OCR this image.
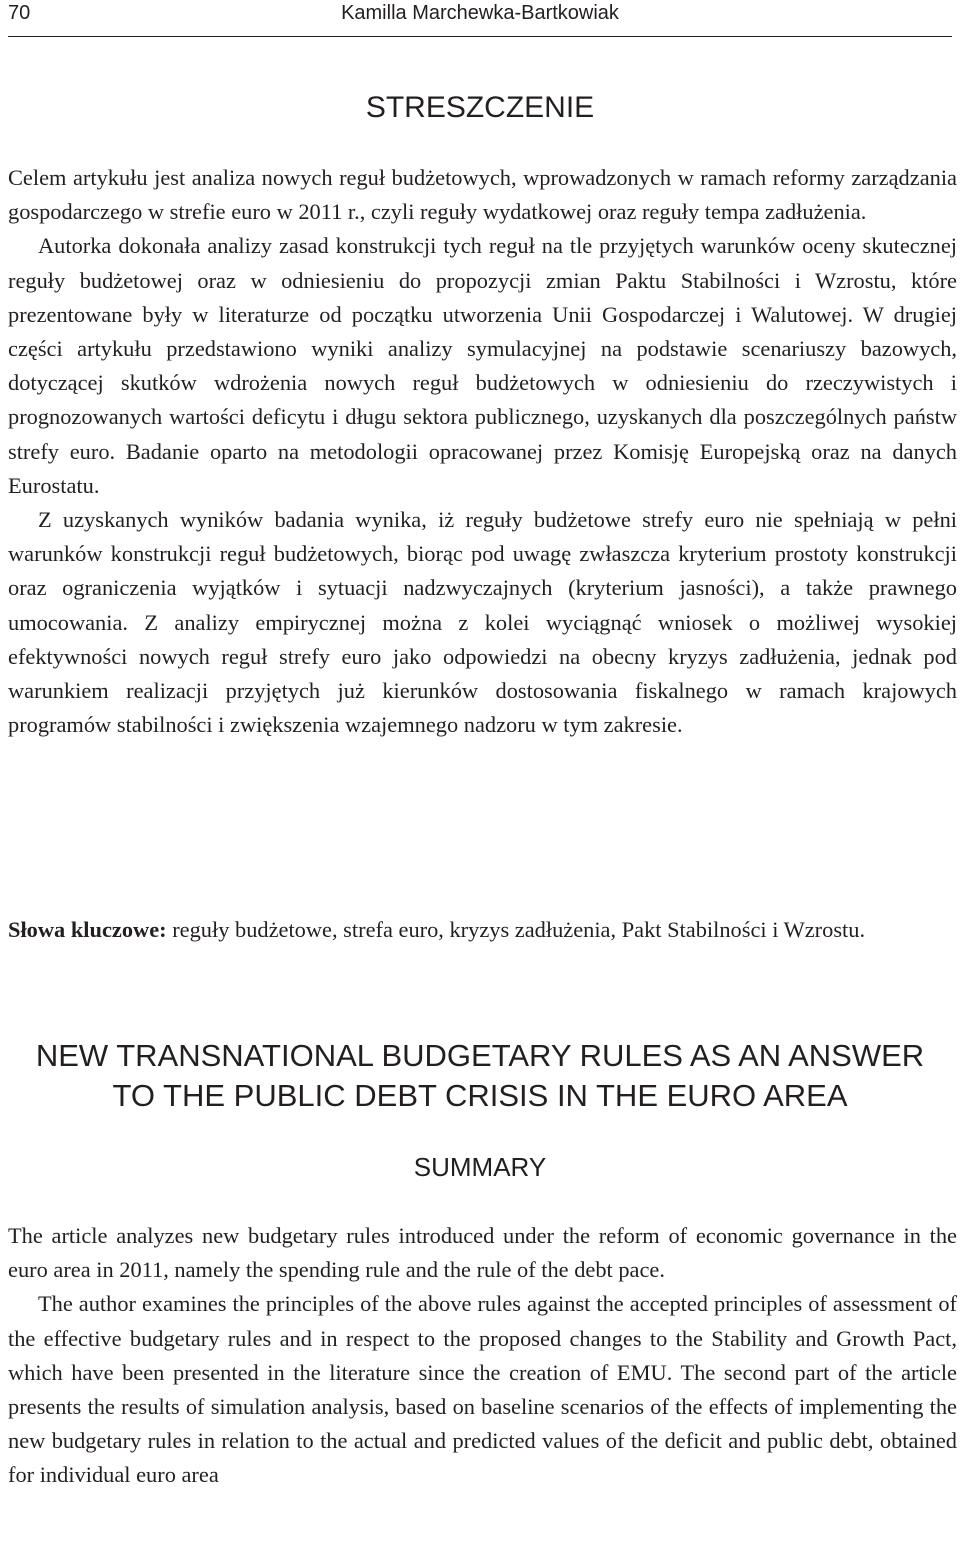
70	Kamilla Marchewka-Bartkowiak
STRESZCZENIE

Celem artykułu jest analiza nowych reguł budżetowych, wprowadzonych w ramach reformy zarządzania gospodarczego w strefie euro w 2011 r., czyli reguły wydatkowej oraz reguły tempa zadłużenia.

Autorka dokonała analizy zasad konstrukcji tych reguł na tle przyjętych warunków oceny skutecznej reguły budżetowej oraz w odniesieniu do propozycji zmian Paktu Stabilności i Wzrostu, które prezentowane były w literaturze od początku utworzenia Unii Gospodarczej i Walutowej. W drugiej części artykułu przedstawiono wyniki analizy symulacyjnej na podstawie scenariuszy bazowych, dotyczącej skutków wdrożenia nowych reguł budżetowych w odniesieniu do rzeczywistych i prognozowanych wartości deficytu i długu sektora publicznego, uzyskanych dla poszczególnych państw strefy euro. Badanie oparto na metodologii opracowanej przez Komisję Europejską oraz na danych Eurostatu.

Z uzyskanych wyników badania wynika, iż reguły budżetowe strefy euro nie spełniają w pełni warunków konstrukcji reguł budżetowych, biorąc pod uwagę zwłaszcza kryterium prostoty konstrukcji oraz ograniczenia wyjątków i sytuacji nadzwyczajnych (kryterium jasności), a także prawnego umocowania. Z analizy empirycznej można z kolei wyciągnąć wniosek o możliwej wysokiej efektywności nowych reguł strefy euro jako odpowiedzi na obecny kryzys zadłużenia, jednak pod warunkiem realizacji przyjętych już kierunków dostosowania fiskalnego w ramach krajowych programów stabilności i zwiększenia wzajemnego nadzoru w tym zakresie.

Słowa kluczowe: reguły budżetowe, strefa euro, kryzys zadłużenia, Pakt Stabilności i Wzrostu.

NEW TRANSNATIONAL BUDGETARY RULES AS AN ANSWER
TO THE PUBLIC DEBT CRISIS IN THE EURO AREA
SUMMARY

The article analyzes new budgetary rules introduced under the reform of economic governance in the euro area in 2011, namely the spending rule and the rule of the debt pace.

The author examines the principles of the above rules against the accepted principles of assessment of the effective budgetary rules and in respect to the proposed changes to the Stability and Growth Pact, which have been presented in the literature since the creation of EMU. The second part of the article presents the results of simulation analysis, based on baseline scenarios of the effects of implementing the new budgetary rules in relation to the actual and predicted values of the deficit and public debt, obtained for individual euro area
